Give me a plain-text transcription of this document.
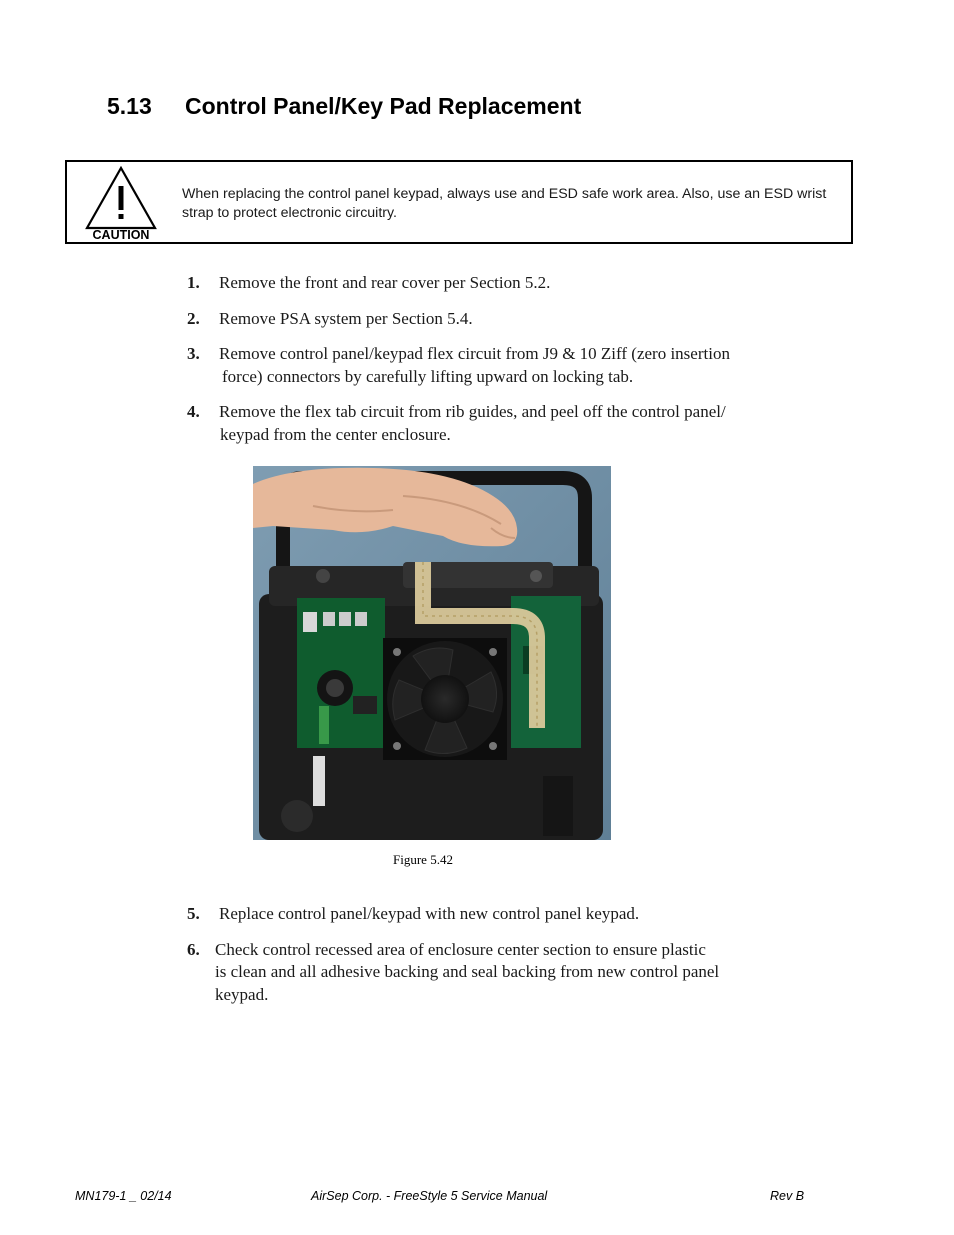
5.13 Control Panel/Key Pad Replacement
CAUTION
When replacing the control panel keypad, always use and ESD safe work area. Also, use an ESD wrist strap to protect electronic circuitry.

1. Remove the front and rear cover per Section 5.2.

2. Remove PSA system per Section 5.4.

3. Remove control panel/keypad flex circuit from J9 & 10 Ziff (zero insertion
force) connectors by carefully lifting upward on locking tab.

4. Remove the flex tab circuit from rib guides, and peel off the control panel/
keypad from the center enclosure.

Figure 5.42

5. Replace control panel/keypad with new control panel keypad.

6. Check control recessed area of enclosure center section to ensure plastic
is clean and all adhesive backing and seal backing from new control panel
keypad.

MN179-1 _ 02/14	AirSep Corp. - FreeStyle 5 Service Manual	Rev B
